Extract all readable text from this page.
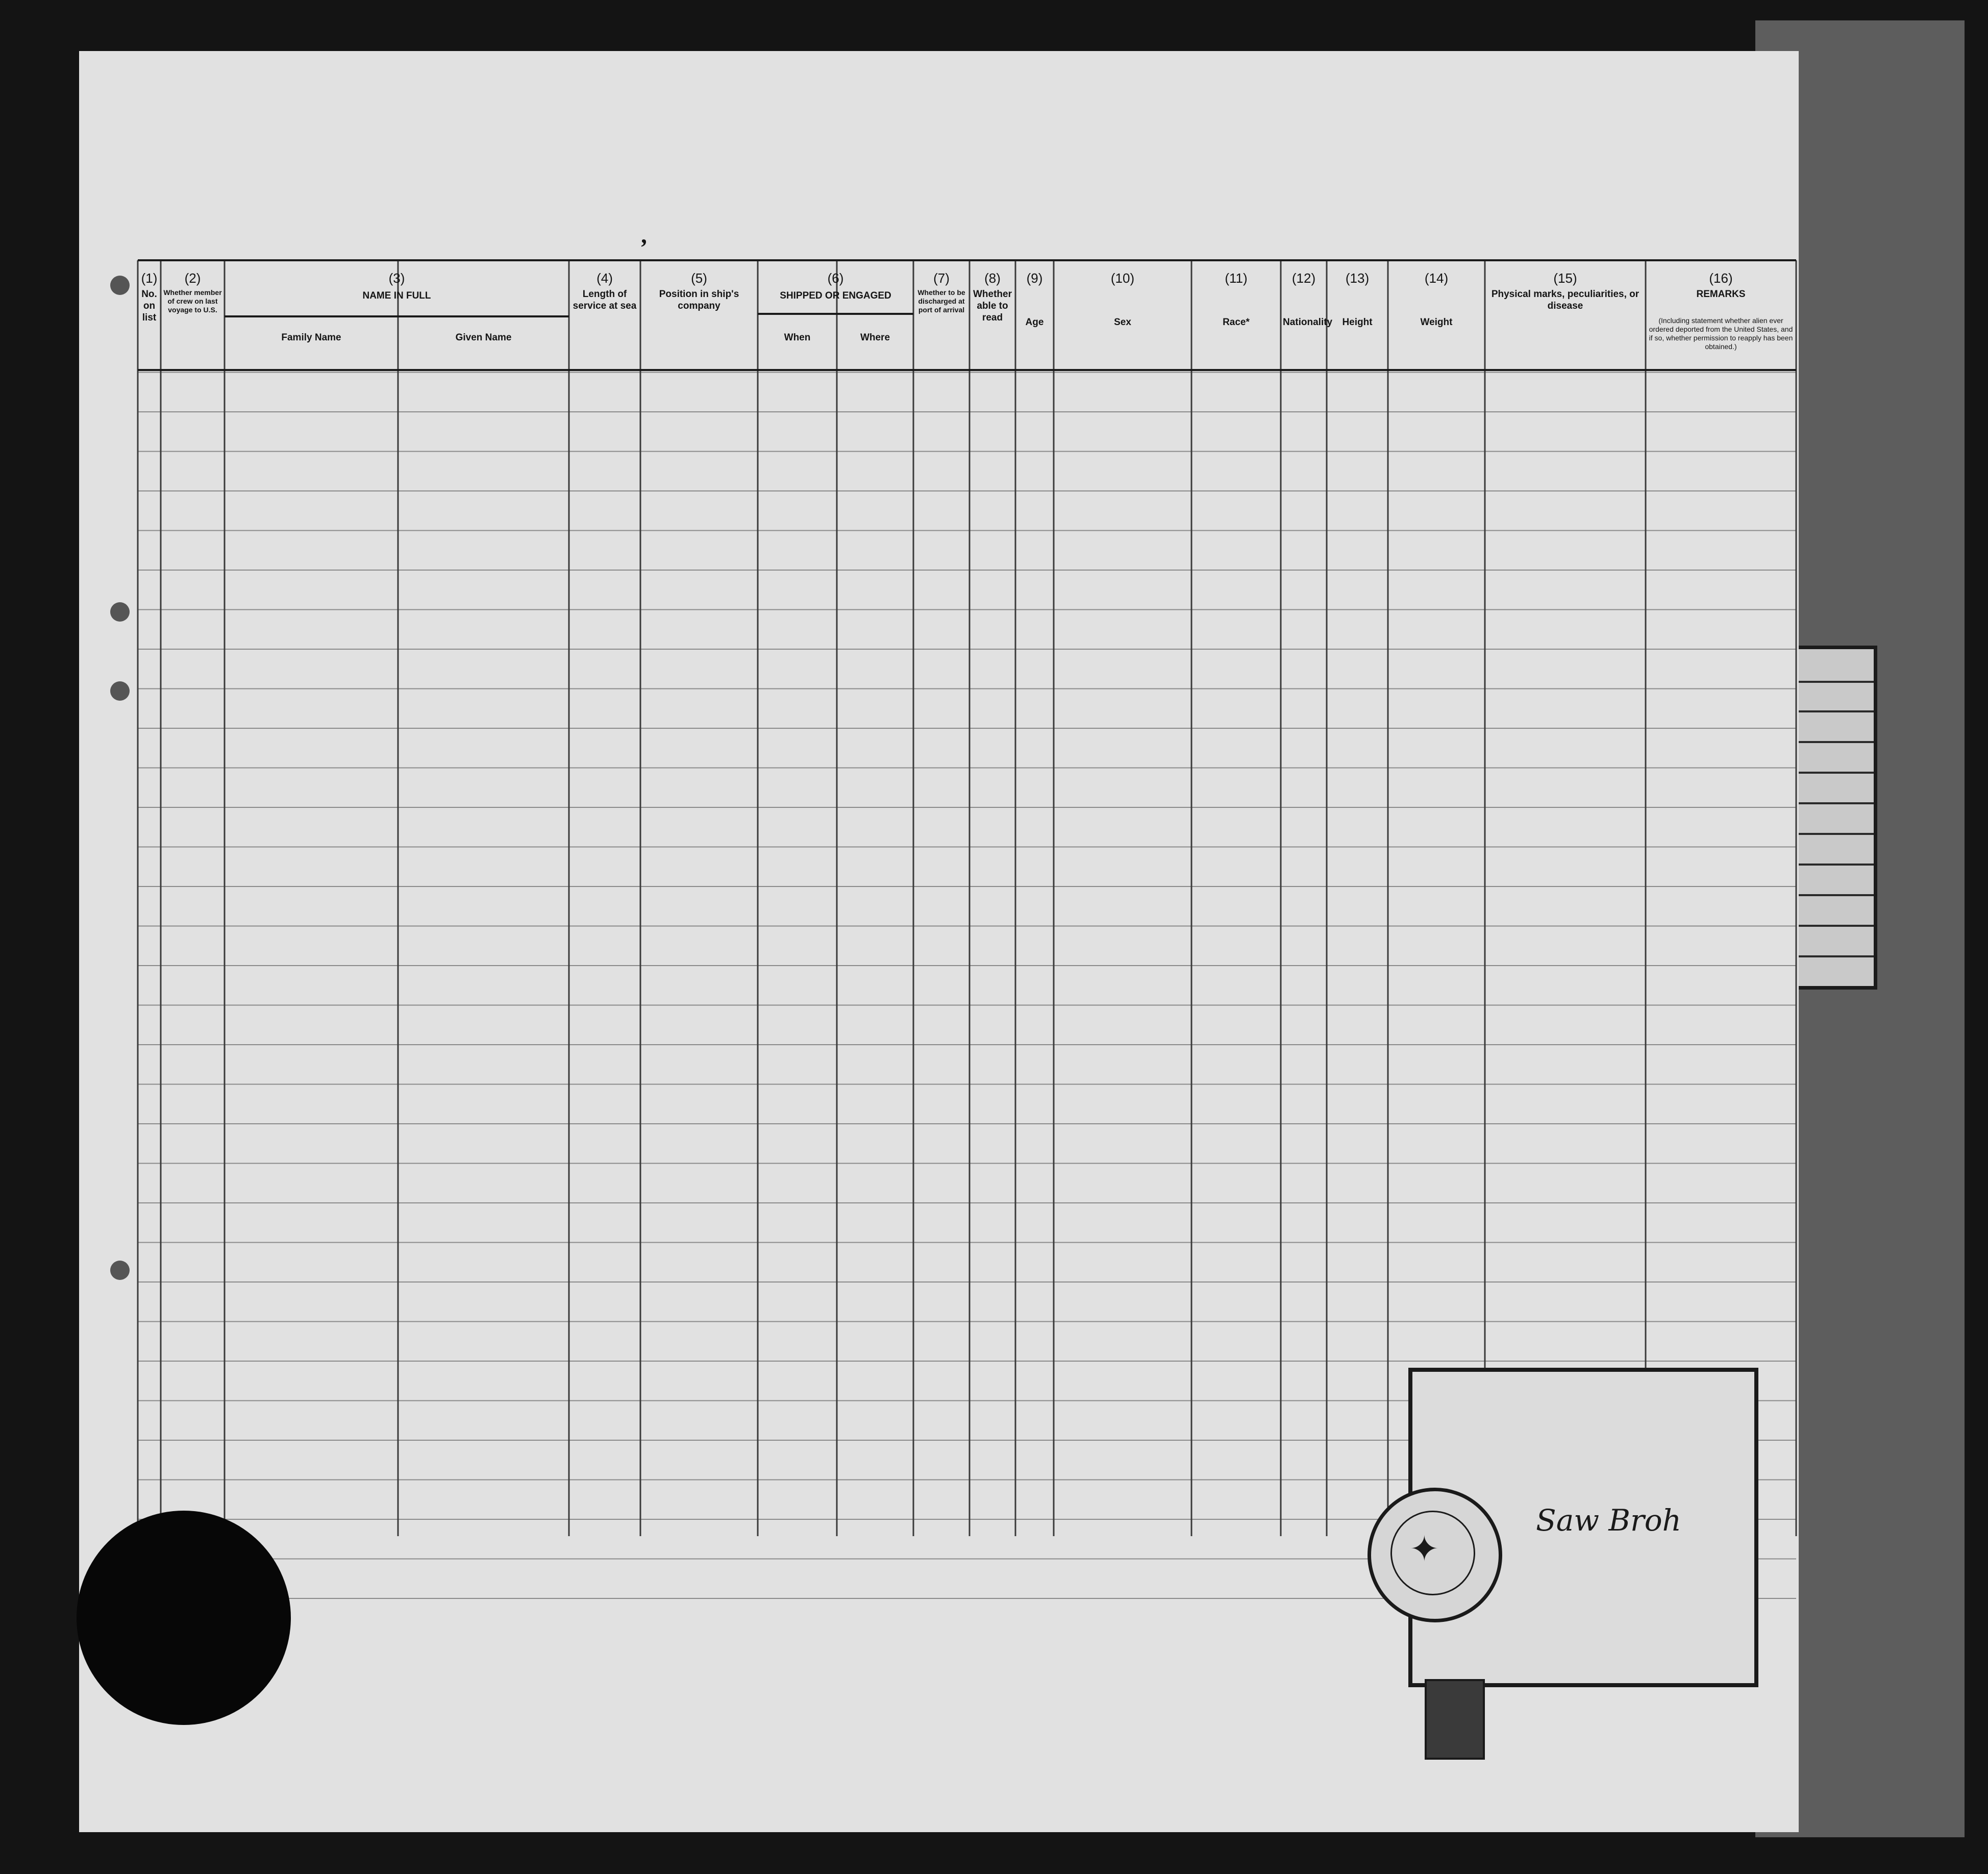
,
(1)
No. on list
(2)
Whether member of crew on last voyage to U.S.
(3)
NAME IN FULL
Family Name	Given Name
(4)
Length of service at sea
(5)
Position in ship's company
(6)
SHIPPED OR ENGAGED
When	Where
(7)
Whether to be discharged at port of arrival
(8)
Whether able to read
(9)
Age
(10)
Sex
(11)
Race*
(12)
Nationality
(13)
Height
(14)
Weight
(15)
Physical marks, peculiarities, or disease
(16)
REMARKS
(Including statement whether alien ever ordered deported from the United States, and if so, whether permission to reapply has been obtained.)
Saw Broh
✦
